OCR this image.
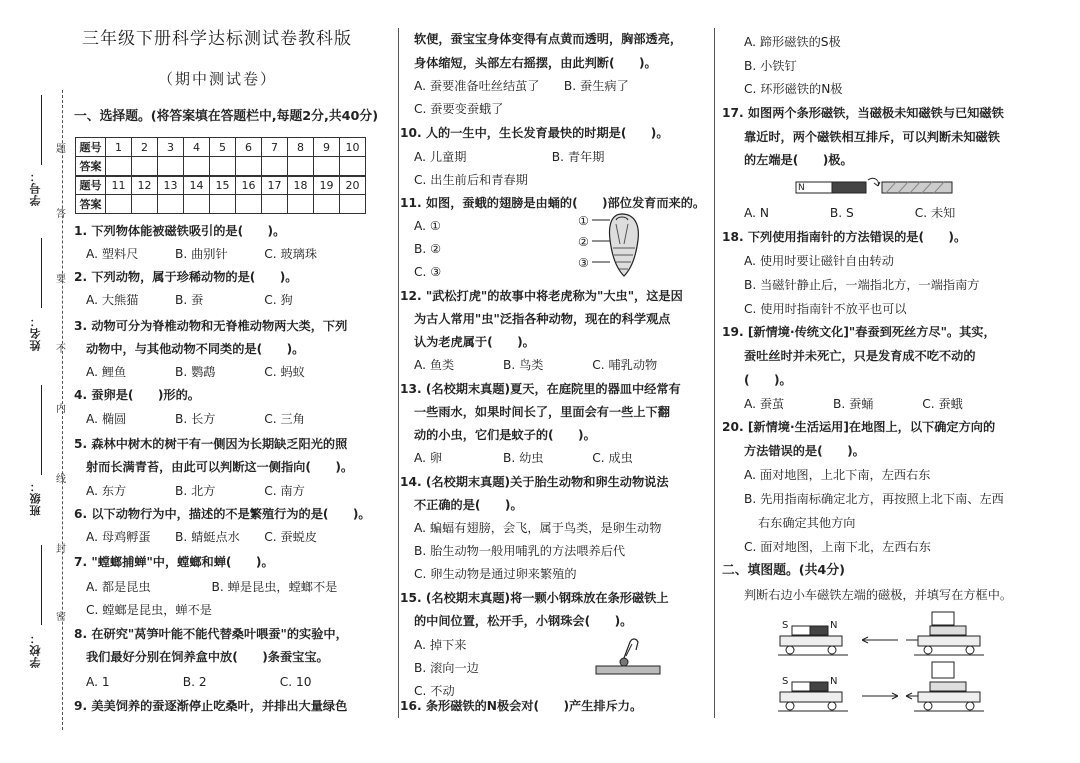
学号：
姓名：
班级：
学校：
题
答
要
不
内
线
封
密
三年级下册科学达标测试卷教科版
（期中测试卷）
一、选择题。(将答案填在答题栏中,每题2分,共40分)
题号	1	2	3	4	5	6	7	8	9	10
答案										
题号	11	12	13	14	15	16	17	18	19	20
答案										
1. 下列物体能被磁铁吸引的是(　　)。
A. 塑料尺　　　B. 曲别针　　　C. 玻璃珠
2. 下列动物，属于珍稀动物的是(　　)。
A. 大熊猫　　　B. 蚕　　　　　C. 狗
3. 动物可分为脊椎动物和无脊椎动物两大类，下列
动物中，与其他动物不同类的是(　　)。
A. 鲤鱼　　　　B. 鹦鹉　　　　C. 蚂蚁
4. 蚕卵是(　　)形的。
A. 椭圆　　　　B. 长方　　　　C. 三角
5. 森林中树木的树干有一侧因为长期缺乏阳光的照
射而长满青苔，由此可以判断这一侧指向(　　)。
A. 东方　　　　B. 北方　　　　C. 南方
6. 以下动物行为中，描述的不是繁殖行为的是(　　)。
A. 母鸡孵蛋　　B. 蜻蜓点水　　C. 蚕蜕皮
7. "螳螂捕蝉"中，螳螂和蝉(　　)。
A. 都是昆虫　　　　　B. 蝉是昆虫，螳螂不是
C. 螳螂是昆虫，蝉不是
8. 在研究"莴笋叶能不能代替桑叶喂蚕"的实验中，
我们最好分别在饲养盒中放(　　)条蚕宝宝。
A. 1　　　　　　B. 2　　　　　　C. 10
9. 美美饲养的蚕逐渐停止吃桑叶，并排出大量绿色
软便，蚕宝宝身体变得有点黄而透明，胸部透亮，
身体缩短，头部左右摇摆，由此判断(　　)。
A. 蚕要准备吐丝结茧了　　B. 蚕生病了
C. 蚕要变蚕蛾了
10. 人的一生中，生长发育最快的时期是(　　)。
A. 儿童期　　　　　　　B. 青年期
C. 出生前后和青春期
11. 如图，蚕蛾的翅膀是由蛹的(　　)部位发育而来的。
A. ①
B. ②
C. ③
①
②
③
12. "武松打虎"的故事中将老虎称为"大虫"，这是因
为古人常用"虫"泛指各种动物，现在的科学观点
认为老虎属于(　　)。
A. 鱼类　　　　B. 鸟类　　　　C. 哺乳动物
13. (名校期末真题)夏天，在庭院里的器皿中经常有
一些雨水，如果时间长了，里面会有一些上下翻
动的小虫，它们是蚊子的(　　)。
A. 卵　　　　　B. 幼虫　　　　C. 成虫
14. (名校期末真题)关于胎生动物和卵生动物说法
不正确的是(　　)。
A. 蝙蝠有翅膀，会飞，属于鸟类，是卵生动物
B. 胎生动物一般用哺乳的方法喂养后代
C. 卵生动物是通过卵来繁殖的
15. (名校期末真题)将一颗小钢珠放在条形磁铁上
的中间位置，松开手，小钢珠会(　　)。
A. 掉下来
B. 滚向一边
C. 不动
16. 条形磁铁的N极会对(　　)产生排斥力。
A. 蹄形磁铁的S极
B. 小铁钉
C. 环形磁铁的N极
17. 如图两个条形磁铁，当磁极未知磁铁与已知磁铁
靠近时，两个磁铁相互排斥，可以判断未知磁铁
的左端是(　　)极。
N
A. N　　　　　B. S　　　　　C. 未知
18. 下列使用指南针的方法错误的是(　　)。
A. 使用时要让磁针自由转动
B. 当磁针静止后，一端指北方，一端指南方
C. 使用时指南针不放平也可以
19. [新情境·传统文化]"春蚕到死丝方尽"。其实，
蚕吐丝时并未死亡，只是发育成不吃不动的
(　　)。
A. 蚕茧　　　　B. 蚕蛹　　　　C. 蚕蛾
20. [新情境·生活运用]在地图上，以下确定方向的
方法错误的是(　　)。
A. 面对地图，上北下南，左西右东
B. 先用指南标确定北方，再按照上北下南、左西
右东确定其他方向
C. 面对地图，上南下北，左西右东
二、填图题。(共4分)
判断右边小车磁铁左端的磁极，并填写在方框中。
S	N
S	N
